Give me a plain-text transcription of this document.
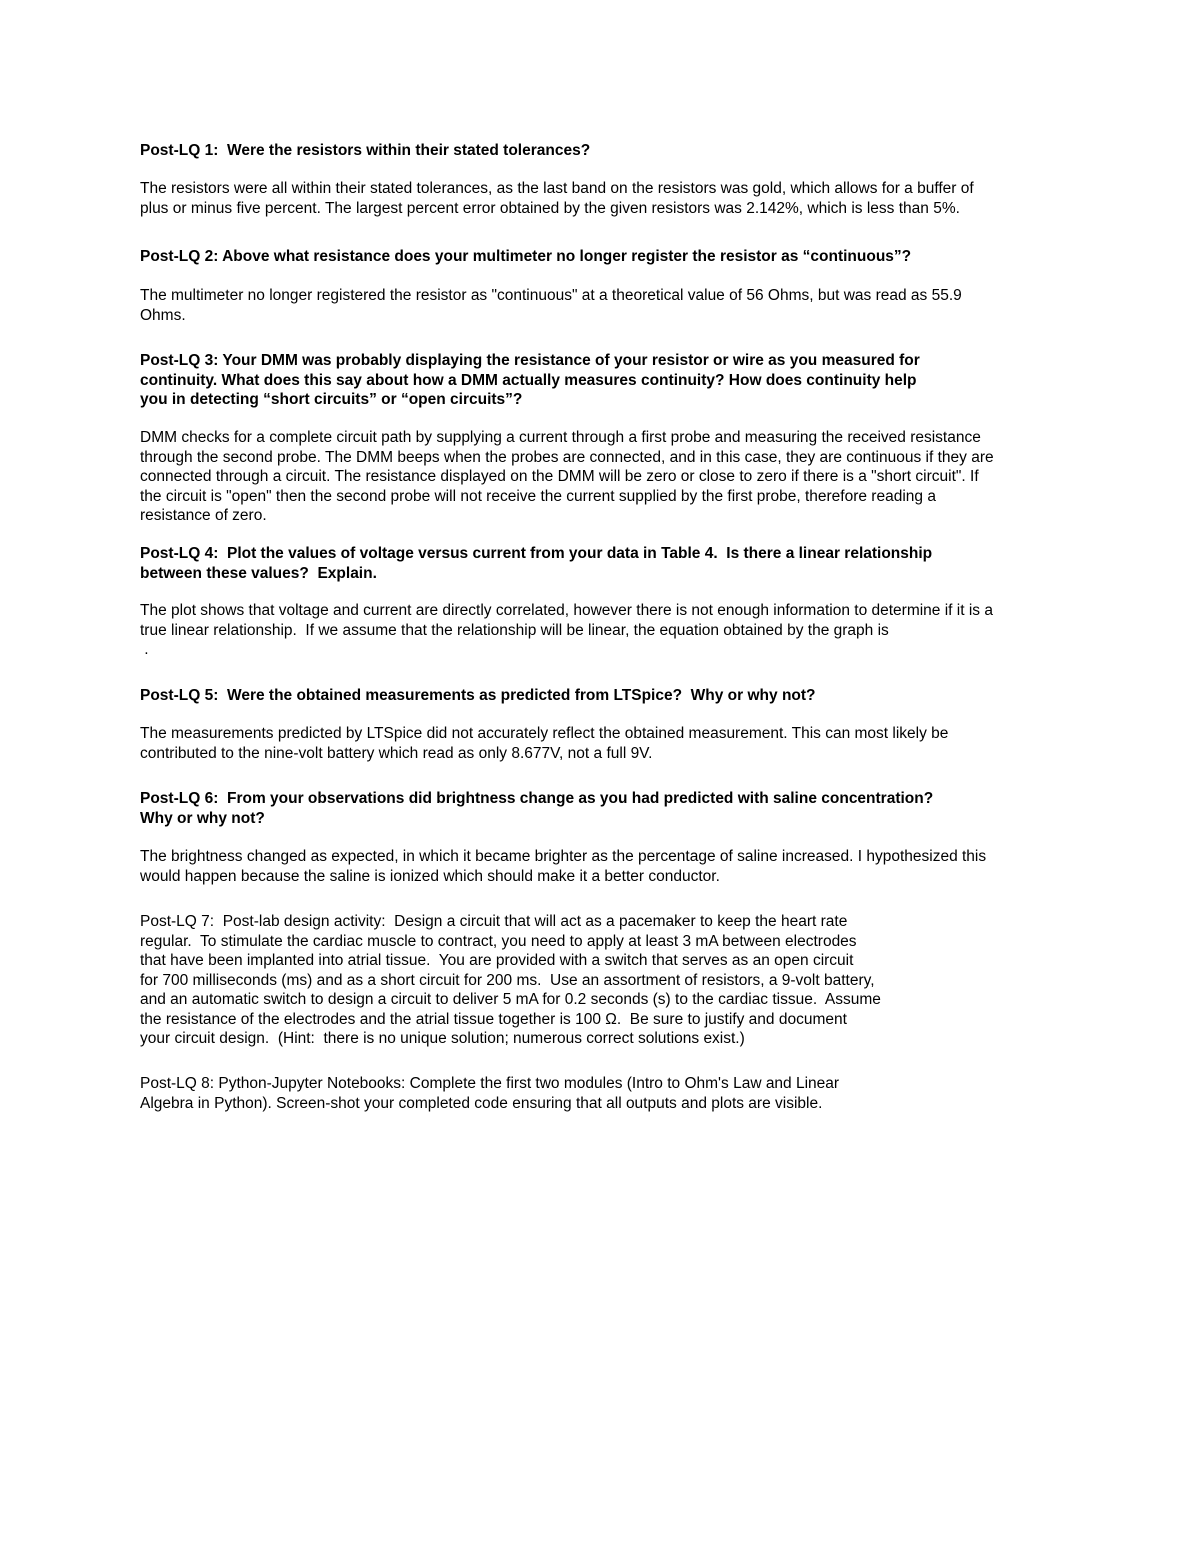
Post-LQ 1:  Were the resistors within their stated tolerances?
The resistors were all within their stated tolerances, as the last band on the resistors was gold, which allows for a buffer of
plus or minus five percent. The largest percent error obtained by the given resistors was 2.142%, which is less than 5%.
Post-LQ 2: Above what resistance does your multimeter no longer register the resistor as “continuous”?
The multimeter no longer registered the resistor as "continuous" at a theoretical value of 56 Ohms, but was read as 55.9
Ohms.
Post-LQ 3: Your DMM was probably displaying the resistance of your resistor or wire as you measured for
continuity. What does this say about how a DMM actually measures continuity? How does continuity help
you in detecting “short circuits” or “open circuits”?
DMM checks for a complete circuit path by supplying a current through a first probe and measuring the received resistance
through the second probe. The DMM beeps when the probes are connected, and in this case, they are continuous if they are
connected through a circuit. The resistance displayed on the DMM will be zero or close to zero if there is a "short circuit". If
the circuit is "open" then the second probe will not receive the current supplied by the first probe, therefore reading a
resistance of zero.
Post-LQ 4:  Plot the values of voltage versus current from your data in Table 4.  Is there a linear relationship
between these values?  Explain.
The plot shows that voltage and current are directly correlated, however there is not enough information to determine if it is a
true linear relationship.  If we assume that the relationship will be linear, the equation obtained by the graph is
.
Post-LQ 5:  Were the obtained measurements as predicted from LTSpice?  Why or why not?
The measurements predicted by LTSpice did not accurately reflect the obtained measurement. This can most likely be
contributed to the nine-volt battery which read as only 8.677V, not a full 9V.
Post-LQ 6:  From your observations did brightness change as you had predicted with saline concentration?
Why or why not?
The brightness changed as expected, in which it became brighter as the percentage of saline increased. I hypothesized this
would happen because the saline is ionized which should make it a better conductor.
Post-LQ 7:  Post-lab design activity:  Design a circuit that will act as a pacemaker to keep the heart rate
regular.  To stimulate the cardiac muscle to contract, you need to apply at least 3 mA between electrodes
that have been implanted into atrial tissue.  You are provided with a switch that serves as an open circuit
for 700 milliseconds (ms) and as a short circuit for 200 ms.  Use an assortment of resistors, a 9-volt battery,
and an automatic switch to design a circuit to deliver 5 mA for 0.2 seconds (s) to the cardiac tissue.  Assume
the resistance of the electrodes and the atrial tissue together is 100 Ω.  Be sure to justify and document
your circuit design.  (Hint:  there is no unique solution; numerous correct solutions exist.)
Post-LQ 8: Python-Jupyter Notebooks: Complete the first two modules (Intro to Ohm's Law and Linear
Algebra in Python). Screen-shot your completed code ensuring that all outputs and plots are visible.
